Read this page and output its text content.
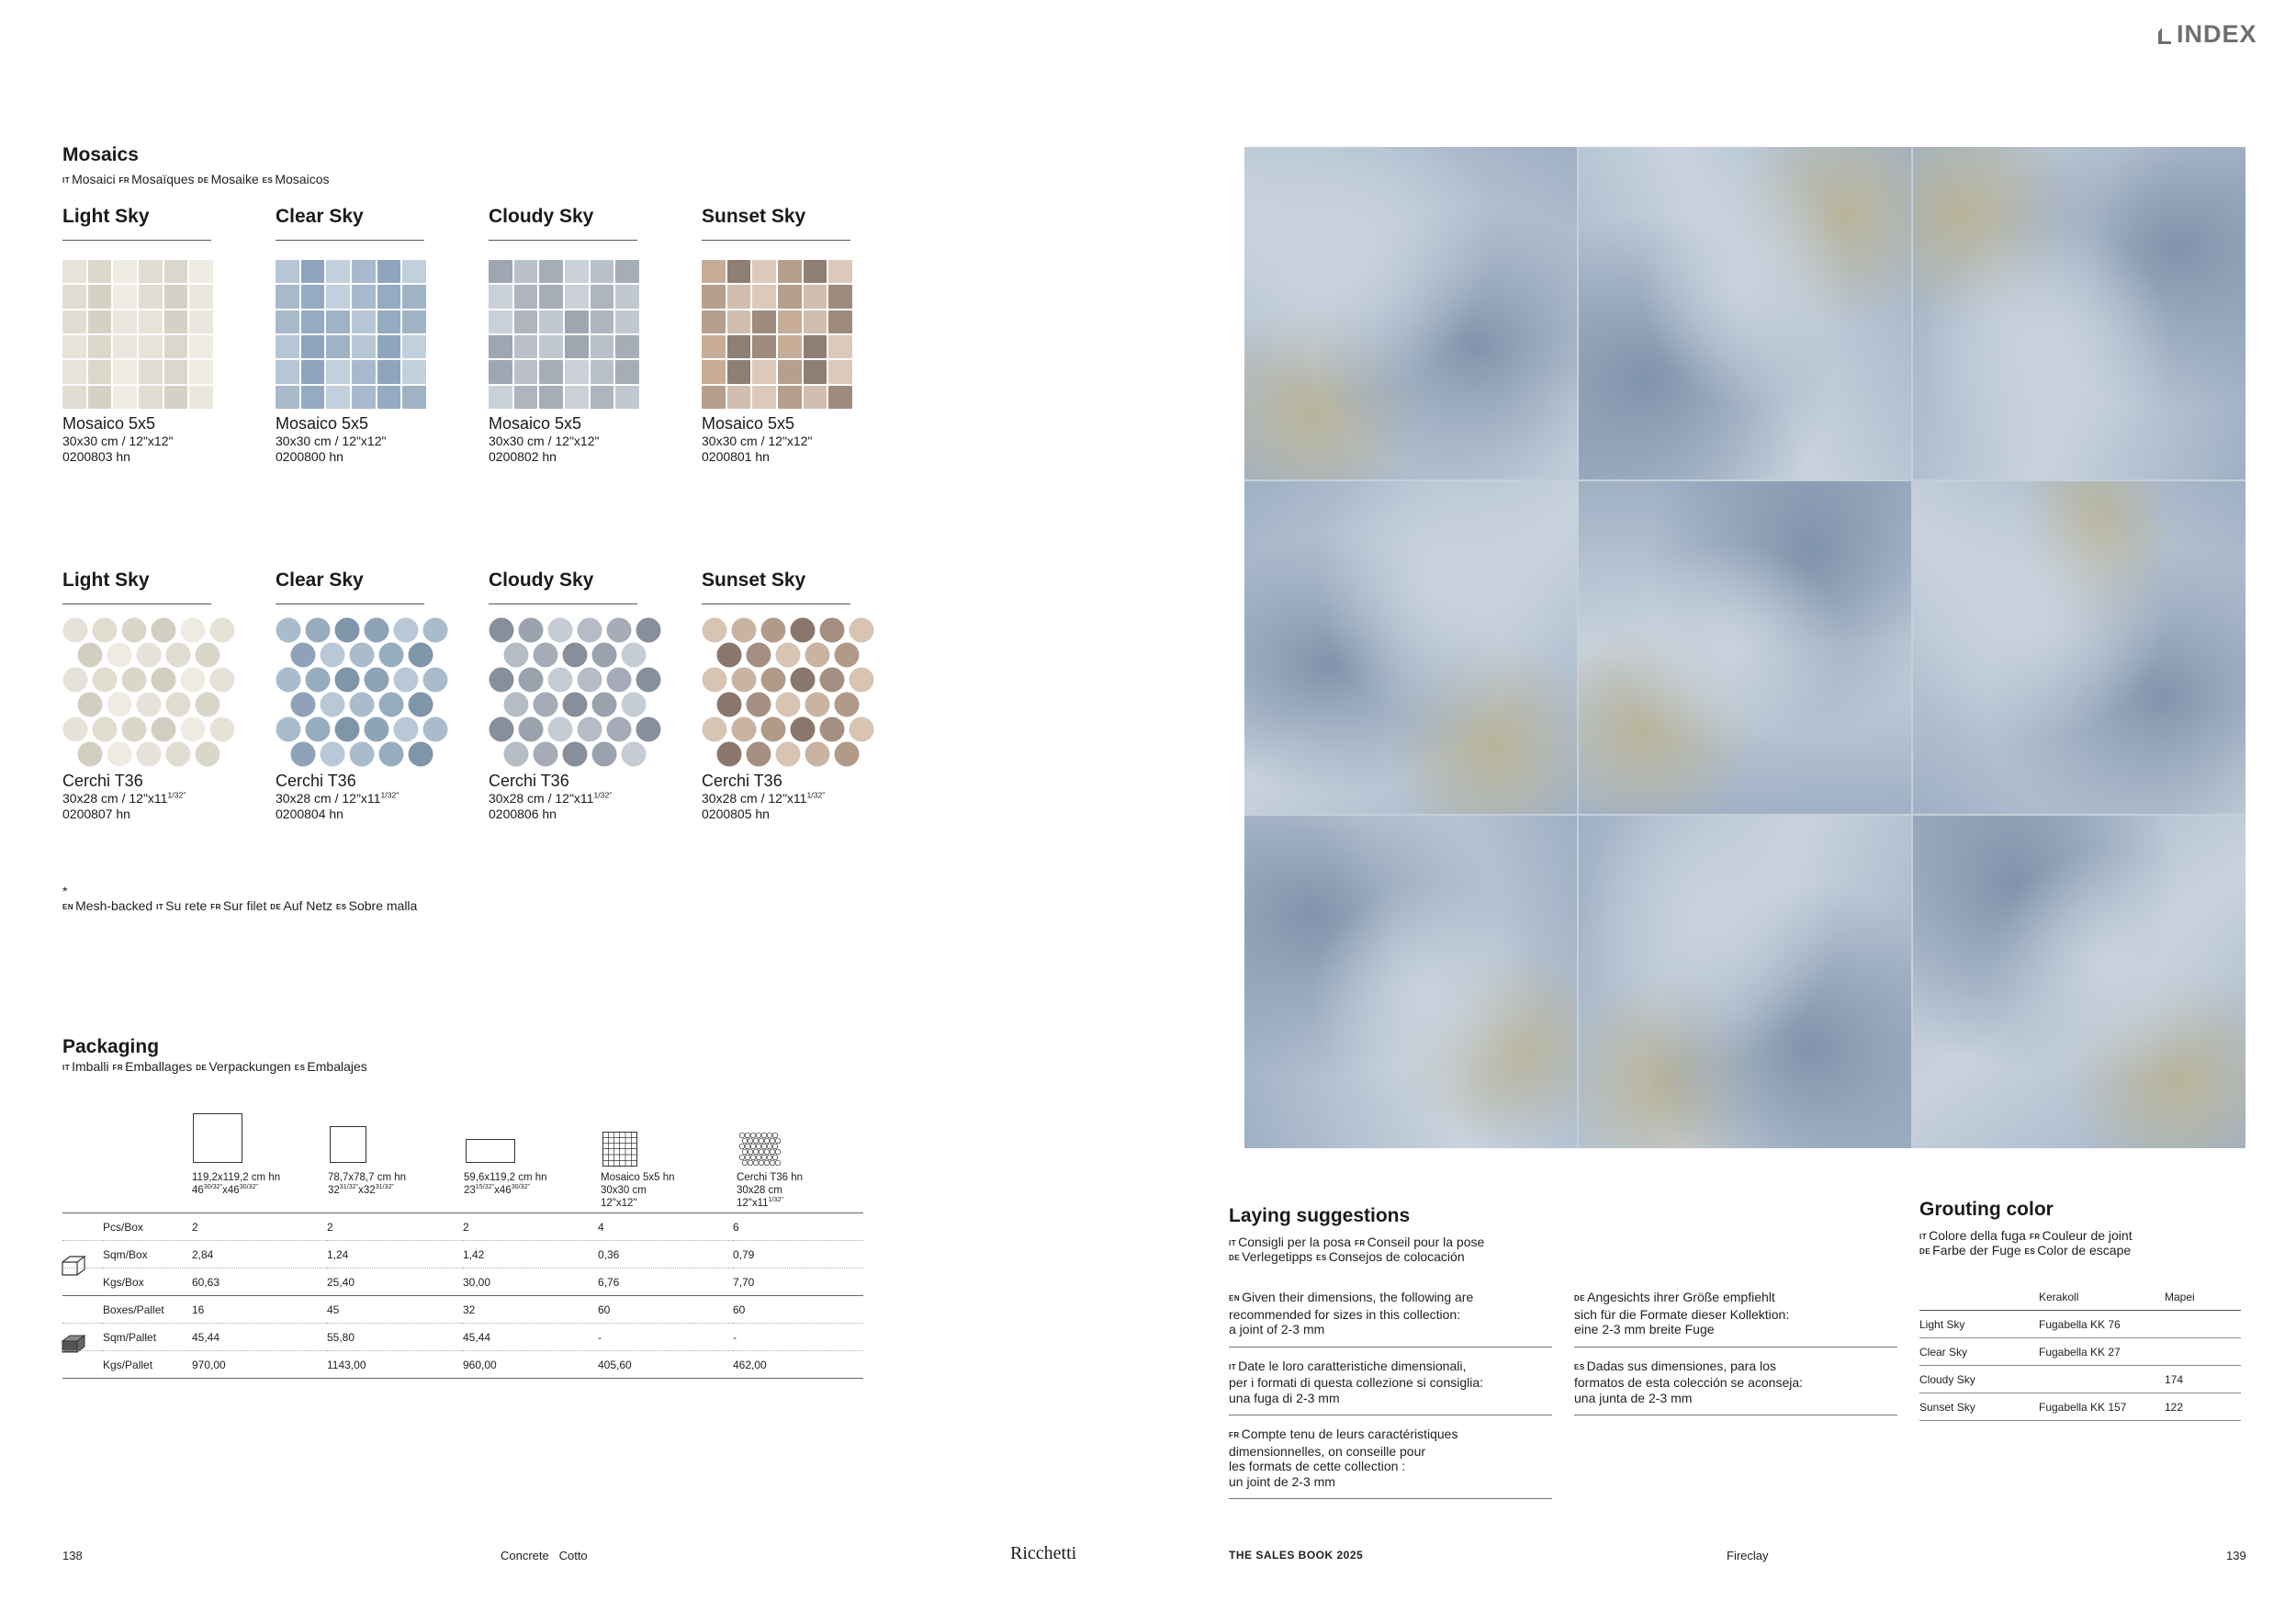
INDEX
Mosaics
IT Mosaici FR Mosaïques DE Mosaike ES Mosaicos
Light Sky
Mosaico 5x5
30x30 cm / 12"x12"
0200803 hn
Clear Sky
Mosaico 5x5
30x30 cm / 12"x12"
0200800 hn
Cloudy Sky
Mosaico 5x5
30x30 cm / 12"x12"
0200802 hn
Sunset Sky
Mosaico 5x5
30x30 cm / 12"x12"
0200801 hn
Light Sky
Cerchi T36
30x28 cm / $12"x11^{1/32"}$
0200807 hn
Clear Sky
Cerchi T36
30x28 cm / $12"x11^{1/32"}$
0200804 hn
Cloudy Sky
Cerchi T36
30x28 cm / $12"x11^{1/32"}$
0200806 hn
Sunset Sky
Cerchi T36
30x28 cm / $12"x11^{1/32"}$
0200805 hn
*
EN Mesh-backed IT Su rete FR Sur filet DE Auf Netz ES Sobre malla
Packaging
IT Imballi FR Emballages DE Verpackungen ES Embalajes
119,2x119,2 cm hn
$46^{30/32"}x46^{30/32"}$
78,7x78,7 cm hn
$32^{31/32"}x32^{31/32"}$
59,6x119,2 cm hn
$23^{15/32"}x46^{30/32"}$
Mosaico 5x5 hn
30x30 cm
12"x12"
Cerchi T36 hn
30x28 cm
$12"x11^{1/32"}$
	Pcs/Box	2	2	2	4	6
	Sqm/Box	2,84	1,24	1,42	0,36	0,79
	Kgs/Box	60,63	25,40	30,00	6,76	7,70
	Boxes/Pallet	16	45	32	60	60
	Sqm/Pallet	45,44	55,80	45,44	-	-
	Kgs/Pallet	970,00	1143,00	960,00	405,60	462,00
Laying suggestions
IT Consigli per la posa FR Conseil pour la pose
DE Verlegetipps ES Consejos de colocación
EN Given their dimensions, the following are
recommended for sizes in this collection:
a joint of 2-3 mm
IT Date le loro caratteristiche dimensionali,
per i formati di questa collezione si consiglia:
una fuga di 2-3 mm
FR Compte tenu de leurs caractéristiques
dimensionnelles, on conseille pour
les formats de cette collection :
un joint de 2-3 mm
DE Angesichts ihrer Größe empfiehlt
sich für die Formate dieser Kollektion:
eine 2-3 mm breite Fuge
ES Dadas sus dimensiones, para los
formatos de esta colección se aconseja:
una junta de 2-3 mm
Grouting color
IT Colore della fuga FR Couleur de joint
DE Farbe der Fuge ES Color de escape
	Kerakoll	Mapei
Light Sky	Fugabella KK 76	
Clear Sky	Fugabella KK 27	
Cloudy Sky		174
Sunset Sky	Fugabella KK 157	122
138	Concrete   Cotto	Ricchetti	THE SALES BOOK 2025	Fireclay	139
